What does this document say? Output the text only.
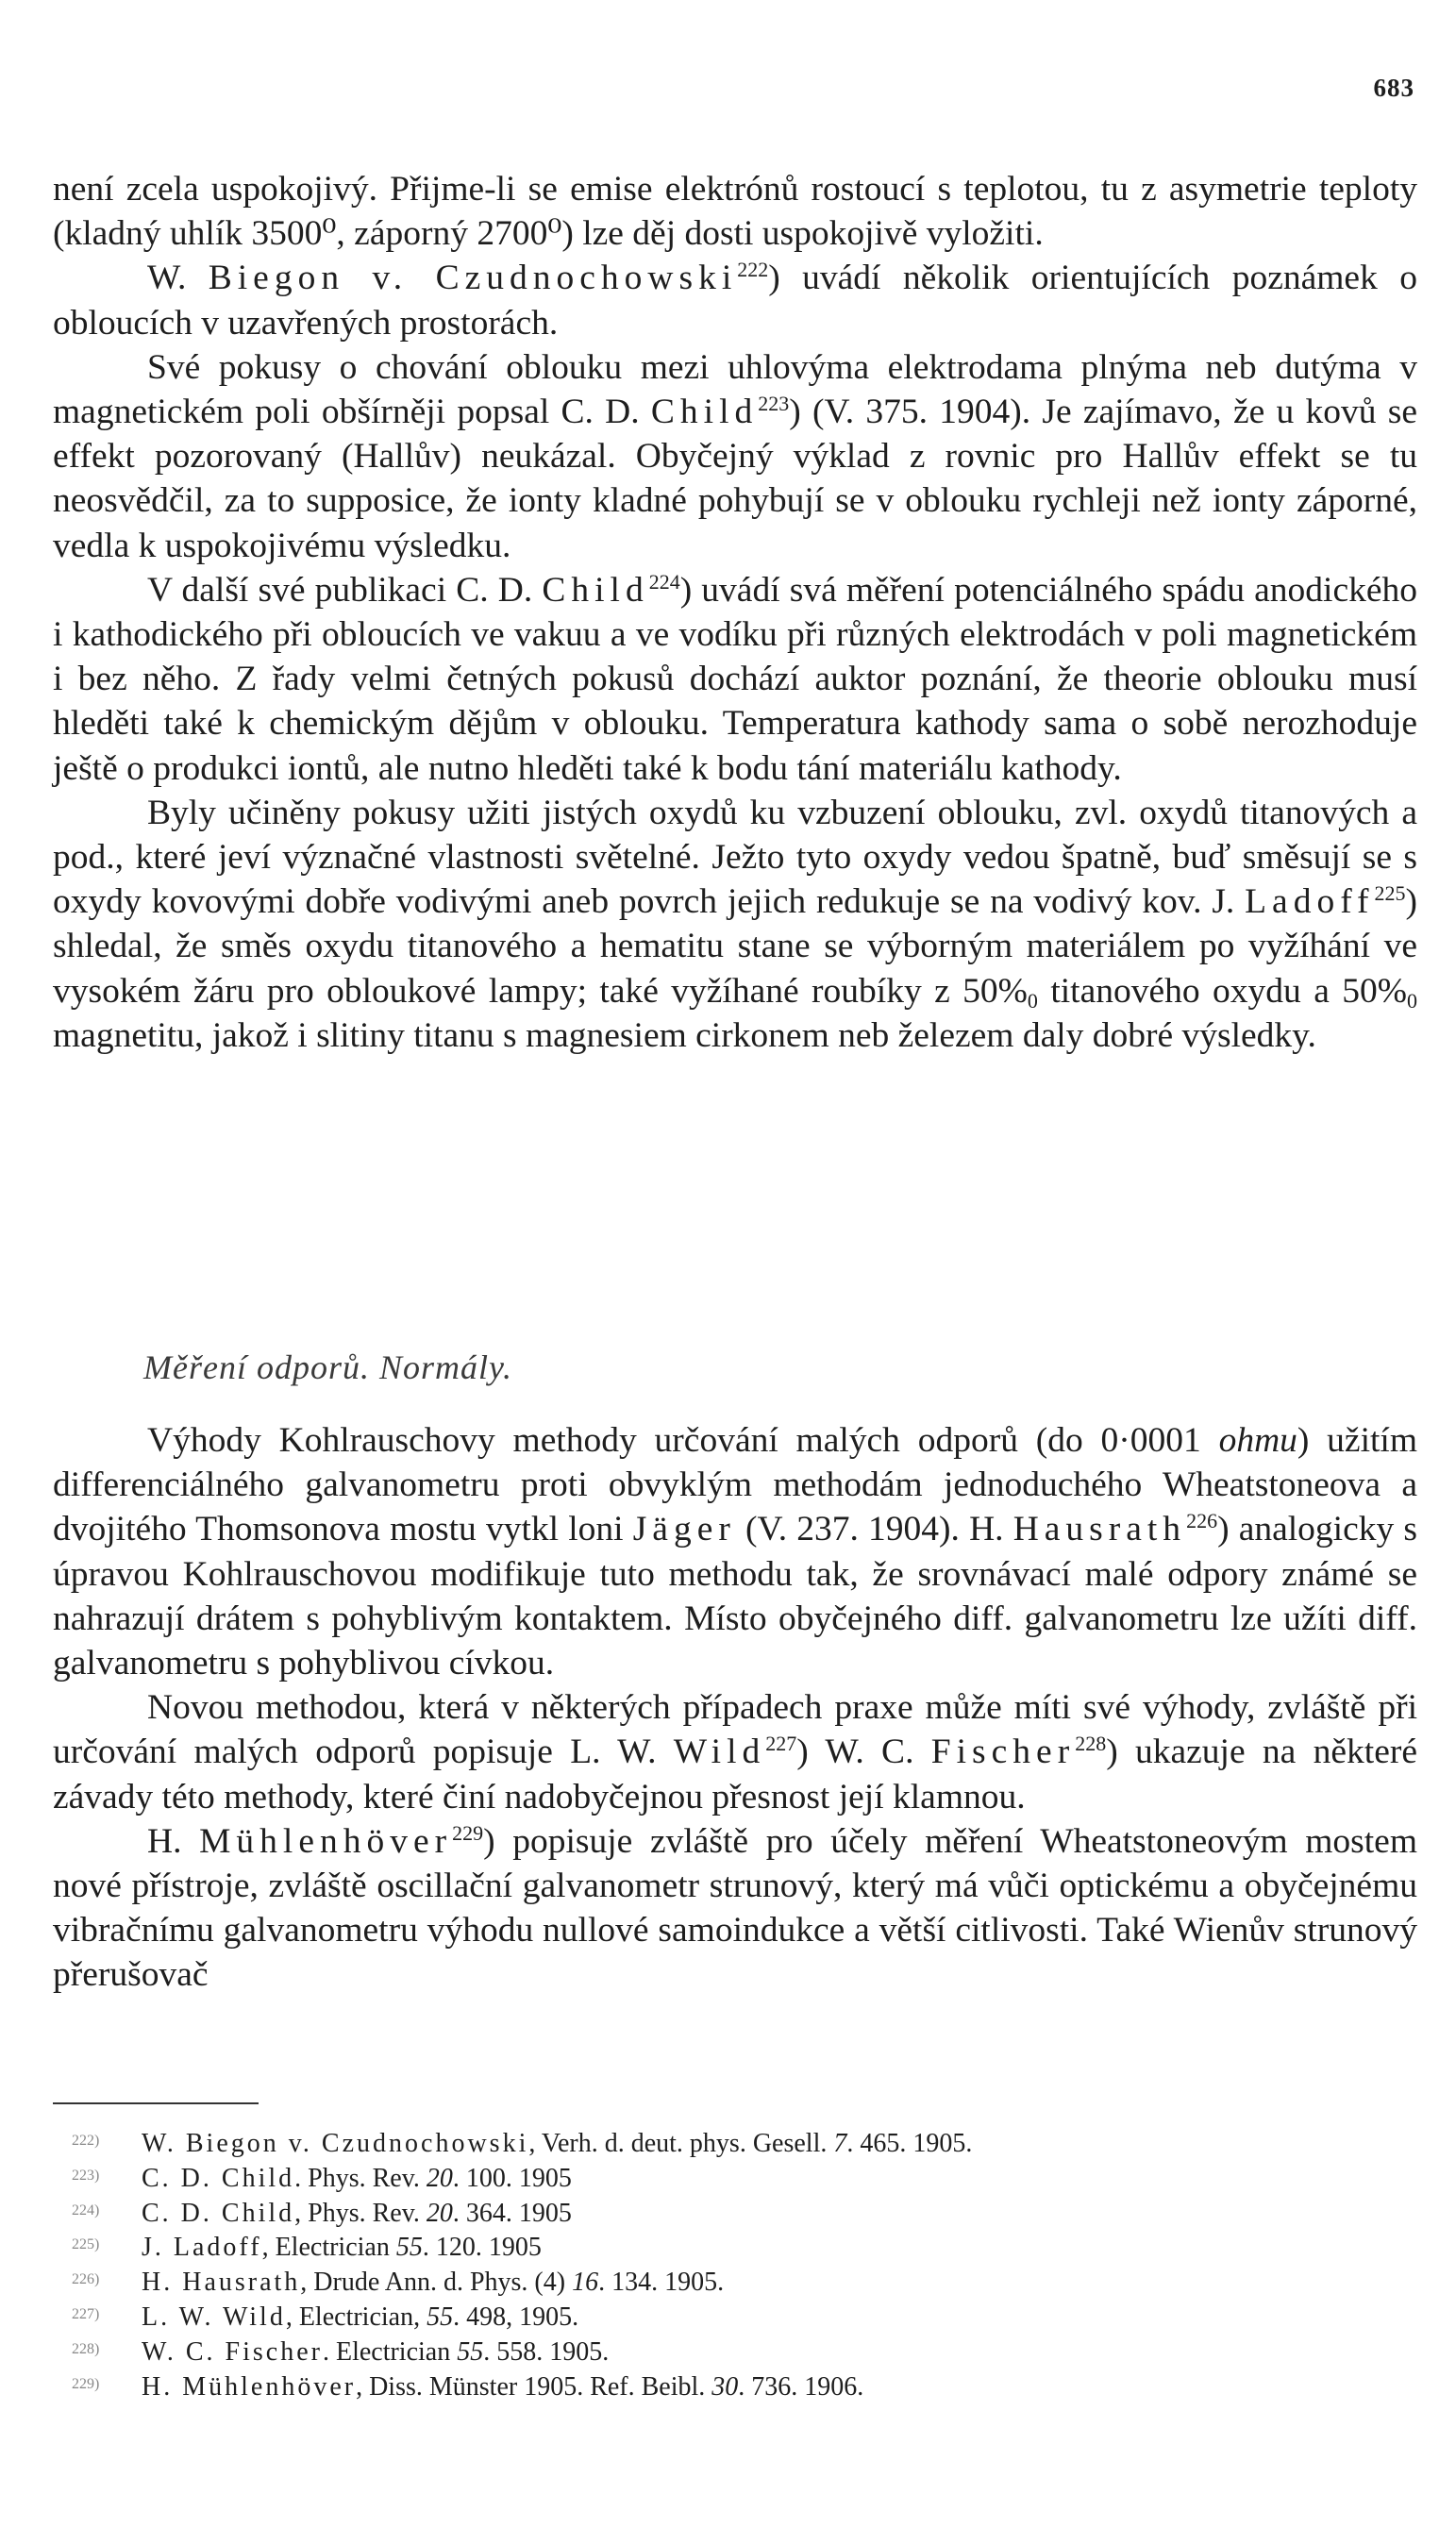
683

není zcela uspokojivý. Přijme-li se emise elektrónů rostoucí s teplotou, tu z asymetrie teploty (kladný uhlík 3500⁰, záporný 2700⁰) lze děj dosti uspokojivě vyložiti.

W. Biegon v. Czudnochowski$^{222}$) uvádí několik orientujících poznámek o obloucích v uzavřených prostorách.

Své pokusy o chování oblouku mezi uhlovýma elektrodama plnýma neb dutýma v magnetickém poli obšírněji popsal C. D. Child$^{223}$) (V. 375. 1904). Je zajímavo, že u kovů se effekt pozorovaný (Hallův) neukázal. Obyčejný výklad z rovnic pro Hallův effekt se tu neosvědčil, za to supposice, že ionty kladné pohybují se v oblouku rychleji než ionty záporné, vedla k uspokojivému výsledku.

V další své publikaci C. D. Child$^{224}$) uvádí svá měření potenciálného spádu anodického i kathodického při obloucích ve vakuu a ve vodíku při různých elektrodách v poli magnetickém i bez něho. Z řady velmi četných pokusů dochází auktor poznání, že theorie oblouku musí hleděti také k chemickým dějům v oblouku. Temperatura kathody sama o sobě nerozhoduje ještě o produkci iontů, ale nutno hleděti také k bodu tání materiálu kathody.

Byly učiněny pokusy užiti jistých oxydů ku vzbuzení oblouku, zvl. oxydů titanových a pod., které jeví význačné vlastnosti světelné. Ježto tyto oxydy vedou špatně, buď směsují se s oxydy kovovými dobře vodivými aneb povrch jejich redukuje se na vodivý kov. J. Ladoff$^{225}$) shledal, že směs oxydu titanového a hematitu stane se výborným materiálem po vyžíhání ve vysokém žáru pro obloukové lampy; také vyžíhané roubíky z $50\%_0$ titanového oxydu a $50\%_0$ magnetitu, jakož i slitiny titanu s magnesiem cirkonem neb železem daly dobré výsledky.

Měření odporů. Normály.

Výhody Kohlrauschovy methody určování malých odporů (do 0·0001 ohmu) užitím differenciálného galvanometru proti obvyklým methodám jednoduchého Wheatstoneova a dvojitého Thomsonova mostu vytkl loni Jäger (V. 237. 1904). H. Hausrath$^{226}$) analogicky s úpravou Kohlrauschovou modifikuje tuto methodu tak, že srovnávací malé odpory známé se nahrazují drátem s pohyblivým kontaktem. Místo obyčejného diff. galvanometru lze užíti diff. galvanometru s pohyblivou cívkou.

Novou methodou, která v některých případech praxe může míti své výhody, zvláště při určování malých odporů popisuje L. W. Wild$^{227}$) W. C. Fischer$^{228}$) ukazuje na některé závady této methody, které činí nadobyčejnou přesnost její klamnou.

H. Mühlenhöver$^{229}$) popisuje zvláště pro účely měření Wheatstoneovým mostem nové přístroje, zvláště oscillační galvanometr strunový, který má vůči optickému a obyčejnému vibračnímu galvanometru výhodu nullové samoindukce a větší citlivosti. Také Wienův strunový přerušovač

222) W. Biegon v. Czudnochowski, Verh. d. deut. phys. Gesell. 7. 465. 1905.
223) C. D. Child. Phys. Rev. 20. 100. 1905
224) C. D. Child, Phys. Rev. 20. 364. 1905
225) J. Ladoff, Electrician 55. 120. 1905
226) H. Hausrath, Drude Ann. d. Phys. (4) 16. 134. 1905.
227) L. W. Wild, Electrician, 55. 498, 1905.
228) W. C. Fischer. Electrician 55. 558. 1905.
229) H. Mühlenhöver, Diss. Münster 1905. Ref. Beibl. 30. 736. 1906.
